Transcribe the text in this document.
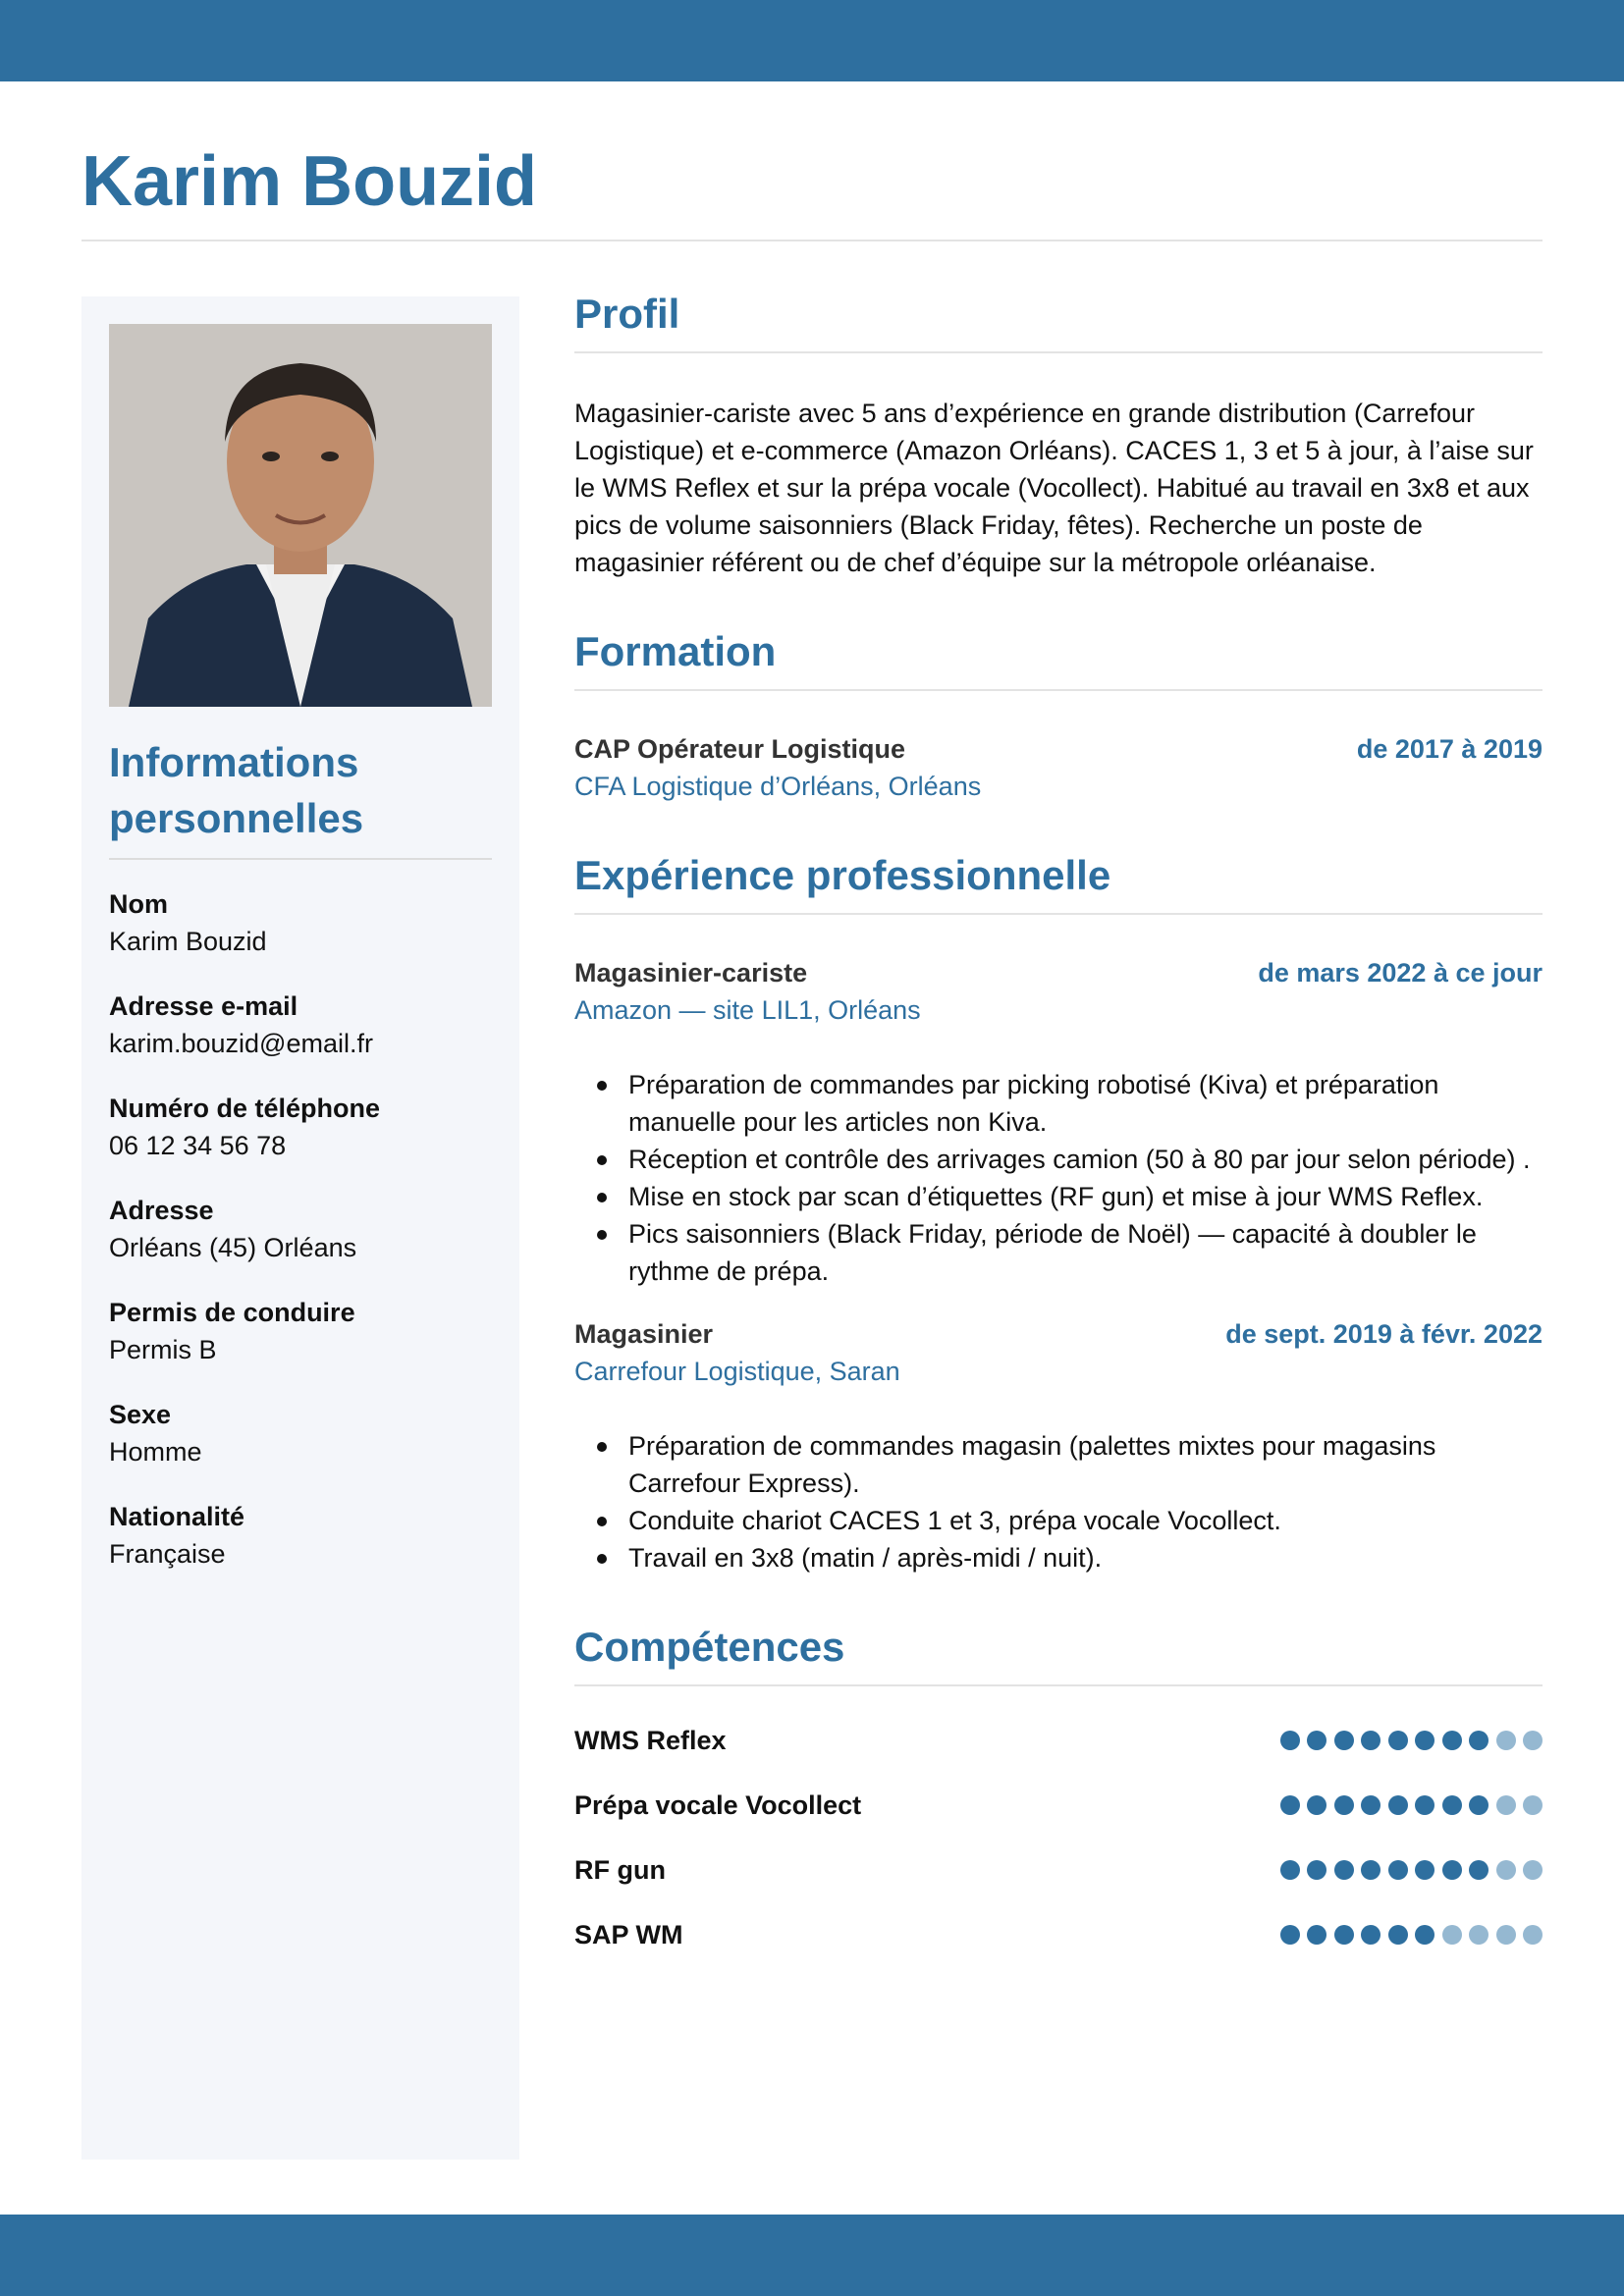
Karim Bouzid
Informations personnelles
Nom
Karim Bouzid
Adresse e-mail
karim.bouzid@email.fr
Numéro de téléphone
06 12 34 56 78
Adresse
Orléans (45) Orléans
Permis de conduire
Permis B
Sexe
Homme
Nationalité
Française
Profil

Magasinier-cariste avec 5 ans d’expérience en grande distribution (Carrefour Logistique) et e-commerce (Amazon Orléans). CACES 1, 3 et 5 à jour, à l’aise sur le WMS Reflex et sur la prépa vocale (Vocollect). Habitué au travail en 3x8 et aux pics de volume saisonniers (Black Friday, fêtes). Recherche un poste de magasinier référent ou de chef d’équipe sur la métropole orléanaise.

Formation
CAP Opérateur Logistique	de 2017 à 2019
CFA Logistique d’Orléans, Orléans
Expérience professionnelle
Magasinier-cariste	de mars 2022 à ce jour
Amazon — site LIL1, Orléans
Préparation de commandes par picking robotisé (Kiva) et préparation manuelle pour les articles non Kiva.
Réception et contrôle des arrivages camion (50 à 80 par jour selon période) .
Mise en stock par scan d’étiquettes (RF gun) et mise à jour WMS Reflex.
Pics saisonniers (Black Friday, période de Noël) — capacité à doubler le rythme de prépa.
Magasinier	de sept. 2019 à févr. 2022
Carrefour Logistique, Saran
Préparation de commandes magasin (palettes mixtes pour magasins Carrefour Express).
Conduite chariot CACES 1 et 3, prépa vocale Vocollect.
Travail en 3x8 (matin / après-midi / nuit).
Compétences
WMS Reflex
Prépa vocale Vocollect
RF gun
SAP WM
